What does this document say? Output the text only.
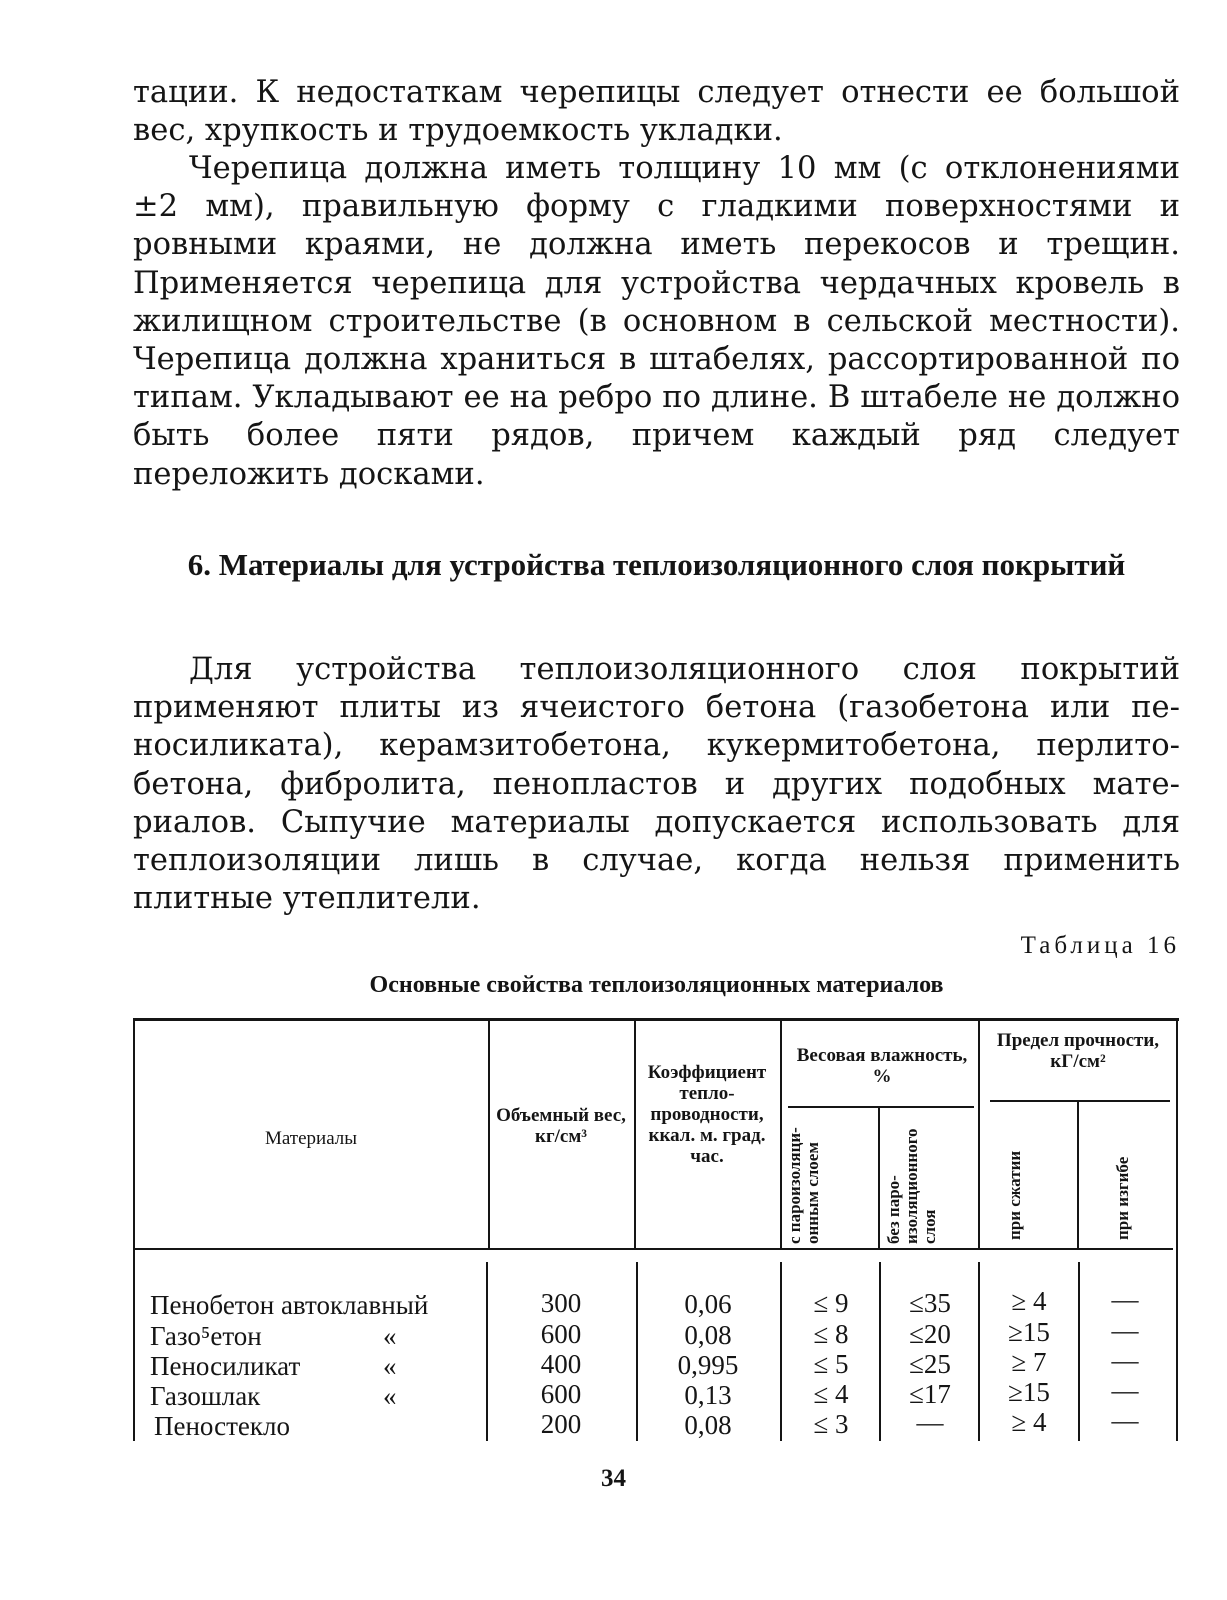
тации. К недостаткам черепицы следует отнести ее большой вес, хрупкость и трудоемкость укладки.

Черепица должна иметь толщину 10 мм (с отклонениями ±2 мм), правильную форму с гладкими поверхностями и ровными краями, не должна иметь перекосов и трещин. Применяется черепица для устройства чердачных кровель в жилищном строительстве (в основном в сельской местности). Черепица должна храниться в штабелях, рассортированной по типам. Укладывают ее на ребро по длине. В штабеле не должно быть более пяти рядов, причем каждый ряд следует переложить досками.

6. Материалы для устройства теплоизоляционного слоя покрытий

Для устройства теплоизоляционного слоя покрытий применяют плиты из ячеистого бетона (газобетона или пеносиликата), керамзитобетона, кукермитобетона, перлитобетона, фибролита, пенопластов и других подобных материалов. Сыпучие материалы допускается использовать для теплоизоляции лишь в случае, когда нельзя применить плитные утеплители.

Таблица 16

Основные свойства теплоизоляционных материалов

Материалы

Объемный вес, кг/см³

Коэффициент теплопроводности, ккал. м. град. час.

Весовая влажность, %

с пароизоляционным слоем	без пароизоляционного слоя

Предел прочности, кГ/см²

при сжатии	при изгибе

Пенобетон автоклавный	300	0,06	≤ 9	≤35	≥ 4	—

Газо⁵етон	«	600	0,08	≤ 8	≤20	≥15	—

Пеносиликат	«	400	0,995	≤ 5	≤25	≥ 7	—

Газошлак	«	600	0,13	≤ 4	≤17	≥15	—

Пеностекло	200	0,08	≤ 3	—	≥ 4	—

34
